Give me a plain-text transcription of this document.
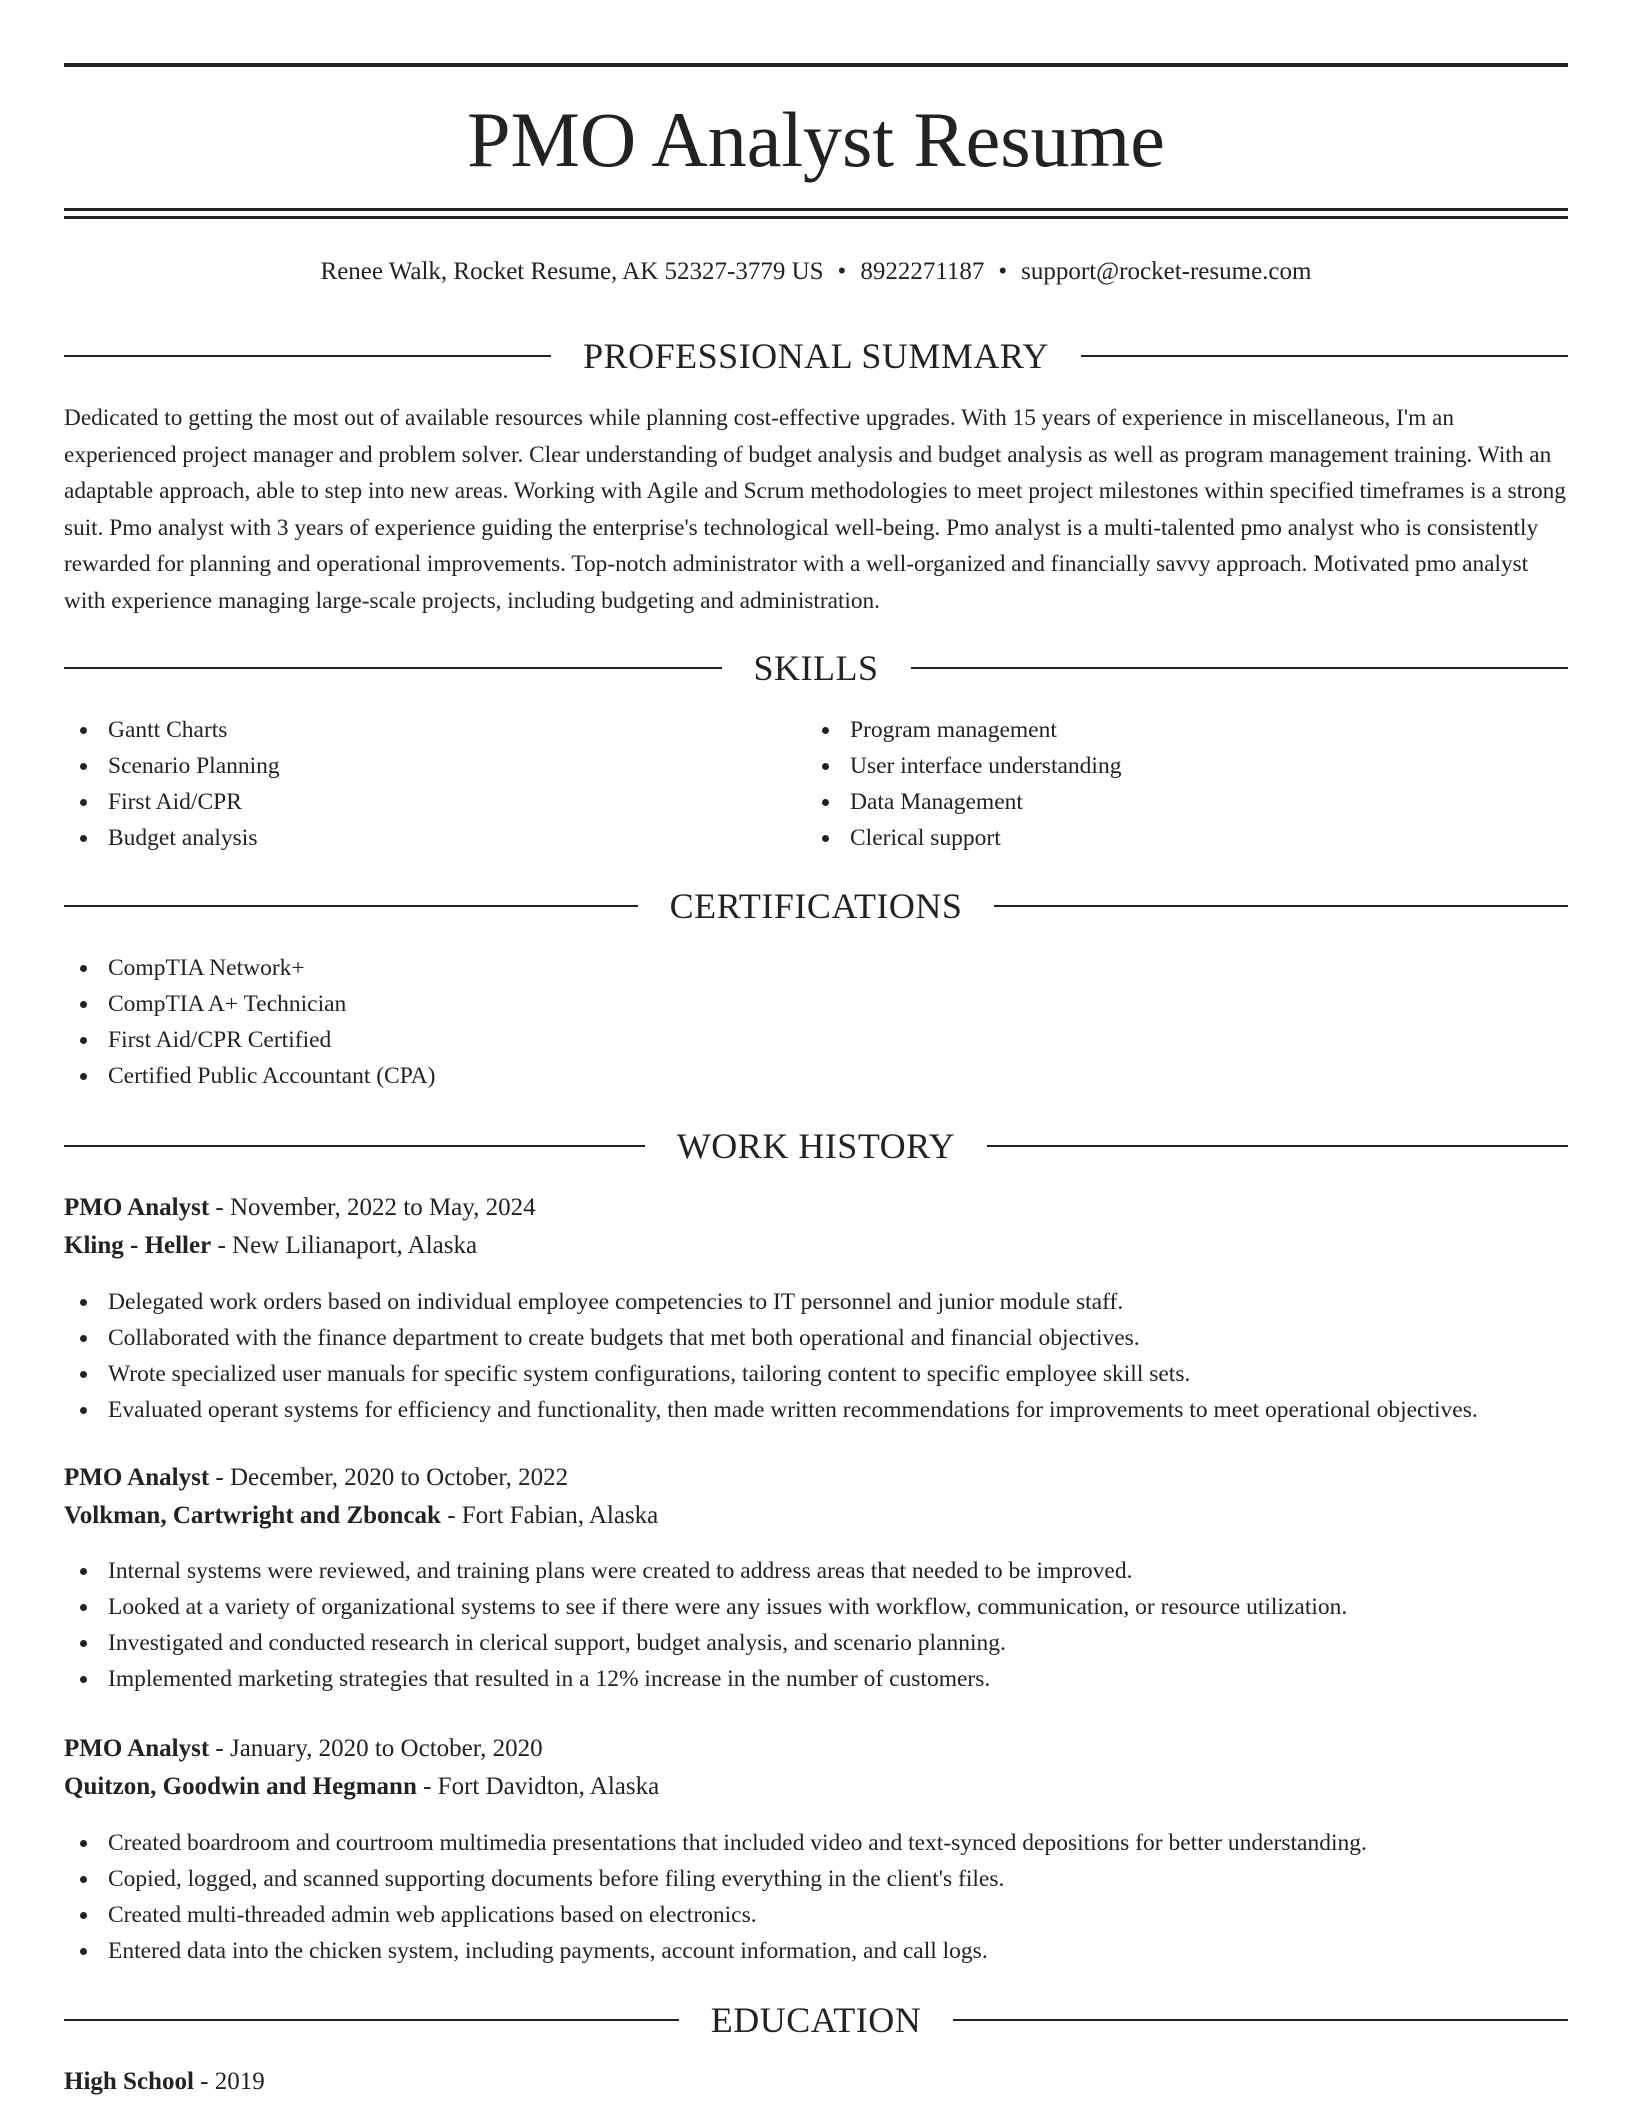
PMO Analyst Resume
Renee Walk, Rocket Resume, AK 52327-3779 US • 8922271187 • support@rocket-resume.com
PROFESSIONAL SUMMARY

Dedicated to getting the most out of available resources while planning cost-effective upgrades. With 15 years of experience in miscellaneous, I'm an experienced project manager and problem solver. Clear understanding of budget analysis and budget analysis as well as program management training. With an adaptable approach, able to step into new areas. Working with Agile and Scrum methodologies to meet project milestones within specified timeframes is a strong suit. Pmo analyst with 3 years of experience guiding the enterprise's technological well-being. Pmo analyst is a multi-talented pmo analyst who is consistently rewarded for planning and operational improvements. Top-notch administrator with a well-organized and financially savvy approach. Motivated pmo analyst with experience managing large-scale projects, including budgeting and administration.

SKILLS
Gantt Charts
Scenario Planning
First Aid/CPR
Budget analysis
Program management
User interface understanding
Data Management
Clerical support
CERTIFICATIONS
CompTIA Network+
CompTIA A+ Technician
First Aid/CPR Certified
Certified Public Accountant (CPA)
WORK HISTORY
PMO Analyst - November, 2022 to May, 2024
Kling - Heller - New Lilianaport, Alaska
Delegated work orders based on individual employee competencies to IT personnel and junior module staff.
Collaborated with the finance department to create budgets that met both operational and financial objectives.
Wrote specialized user manuals for specific system configurations, tailoring content to specific employee skill sets.
Evaluated operant systems for efficiency and functionality, then made written recommendations for improvements to meet operational objectives.
PMO Analyst - December, 2020 to October, 2022
Volkman, Cartwright and Zboncak - Fort Fabian, Alaska
Internal systems were reviewed, and training plans were created to address areas that needed to be improved.
Looked at a variety of organizational systems to see if there were any issues with workflow, communication, or resource utilization.
Investigated and conducted research in clerical support, budget analysis, and scenario planning.
Implemented marketing strategies that resulted in a 12% increase in the number of customers.
PMO Analyst - January, 2020 to October, 2020
Quitzon, Goodwin and Hegmann - Fort Davidton, Alaska
Created boardroom and courtroom multimedia presentations that included video and text-synced depositions for better understanding.
Copied, logged, and scanned supporting documents before filing everything in the client's files.
Created multi-threaded admin web applications based on electronics.
Entered data into the chicken system, including payments, account information, and call logs.
EDUCATION
High School - 2019
